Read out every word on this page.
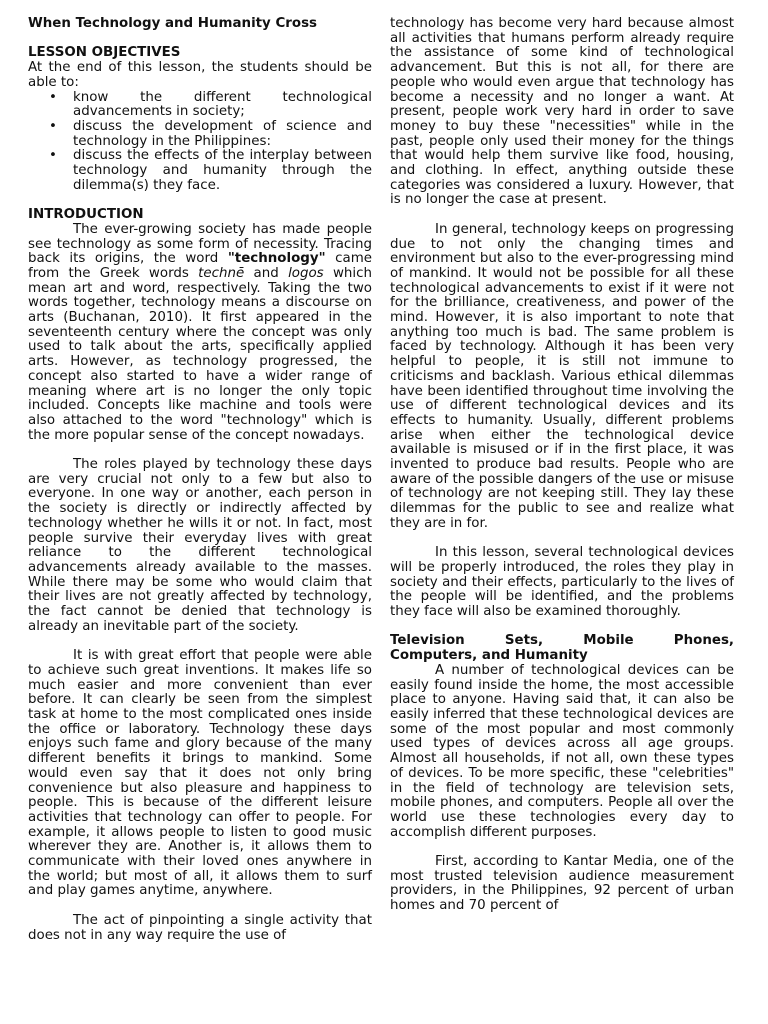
When Technology and Humanity Cross

LESSON OBJECTIVES

At the end of this lesson, the students should be able to:

• know the different technological advancements in society;
• discuss the development of science and technology in the Philippines:
• discuss the effects of the interplay between technology and humanity through the dilemma(s) they face.

INTRODUCTION

The ever-growing society has made people see technology as some form of necessity. Tracing back its origins, the word "technology" came from the Greek words technē and logos which mean art and word, respectively. Taking the two words together, technology means a discourse on arts (Buchanan, 2010). It first appeared in the seventeenth century where the concept was only used to talk about the arts, specifically applied arts. However, as technology progressed, the concept also started to have a wider range of meaning where art is no longer the only topic included. Concepts like machine and tools were also attached to the word "technology" which is the more popular sense of the concept nowadays.

The roles played by technology these days are very crucial not only to a few but also to everyone. In one way or another, each person in the society is directly or indirectly affected by technology whether he wills it or not. In fact, most people survive their everyday lives with great reliance to the different technological advancements already available to the masses. While there may be some who would claim that their lives are not greatly affected by technology, the fact cannot be denied that technology is already an inevitable part of the society.

It is with great effort that people were able to achieve such great inventions. It makes life so much easier and more convenient than ever before. It can clearly be seen from the simplest task at home to the most complicated ones inside the office or laboratory. Technology these days enjoys such fame and glory because of the many different benefits it brings to mankind. Some would even say that it does not only bring convenience but also pleasure and happiness to people. This is because of the different leisure activities that technology can offer to people. For example, it allows people to listen to good music wherever they are. Another is, it allows them to communicate with their loved ones anywhere in the world; but most of all, it allows them to surf and play games anytime, anywhere.

The act of pinpointing a single activity that does not in any way require the use of

technology has become very hard because almost all activities that humans perform already require the assistance of some kind of technological advancement. But this is not all, for there are people who would even argue that technology has become a necessity and no longer a want. At present, people work very hard in order to save money to buy these "necessities" while in the past, people only used their money for the things that would help them survive like food, housing, and clothing. In effect, anything outside these categories was considered a luxury. However, that is no longer the case at present.

In general, technology keeps on progressing due to not only the changing times and environment but also to the ever-progressing mind of mankind. It would not be possible for all these technological advancements to exist if it were not for the brilliance, creativeness, and power of the mind. However, it is also important to note that anything too much is bad. The same problem is faced by technology. Although it has been very helpful to people, it is still not immune to criticisms and backlash. Various ethical dilemmas have been identified throughout time involving the use of different technological devices and its effects to humanity. Usually, different problems arise when either the technological device available is misused or if in the first place, it was invented to produce bad results. People who are aware of the possible dangers of the use or misuse of technology are not keeping still. They lay these dilemmas for the public to see and realize what they are in for.

In this lesson, several technological devices will be properly introduced, the roles they play in society and their effects, particularly to the lives of the people will be identified, and the problems they face will also be examined thoroughly.

Television Sets, Mobile Phones,

Computers, and Humanity

A number of technological devices can be easily found inside the home, the most accessible place to anyone. Having said that, it can also be easily inferred that these technological devices are some of the most popular and most commonly used types of devices across all age groups. Almost all households, if not all, own these types of devices. To be more specific, these "celebrities" in the field of technology are television sets, mobile phones, and computers. People all over the world use these technologies every day to accomplish different purposes.

First, according to Kantar Media, one of the most trusted television audience measurement providers, in the Philippines, 92 percent of urban homes and 70 percent of
